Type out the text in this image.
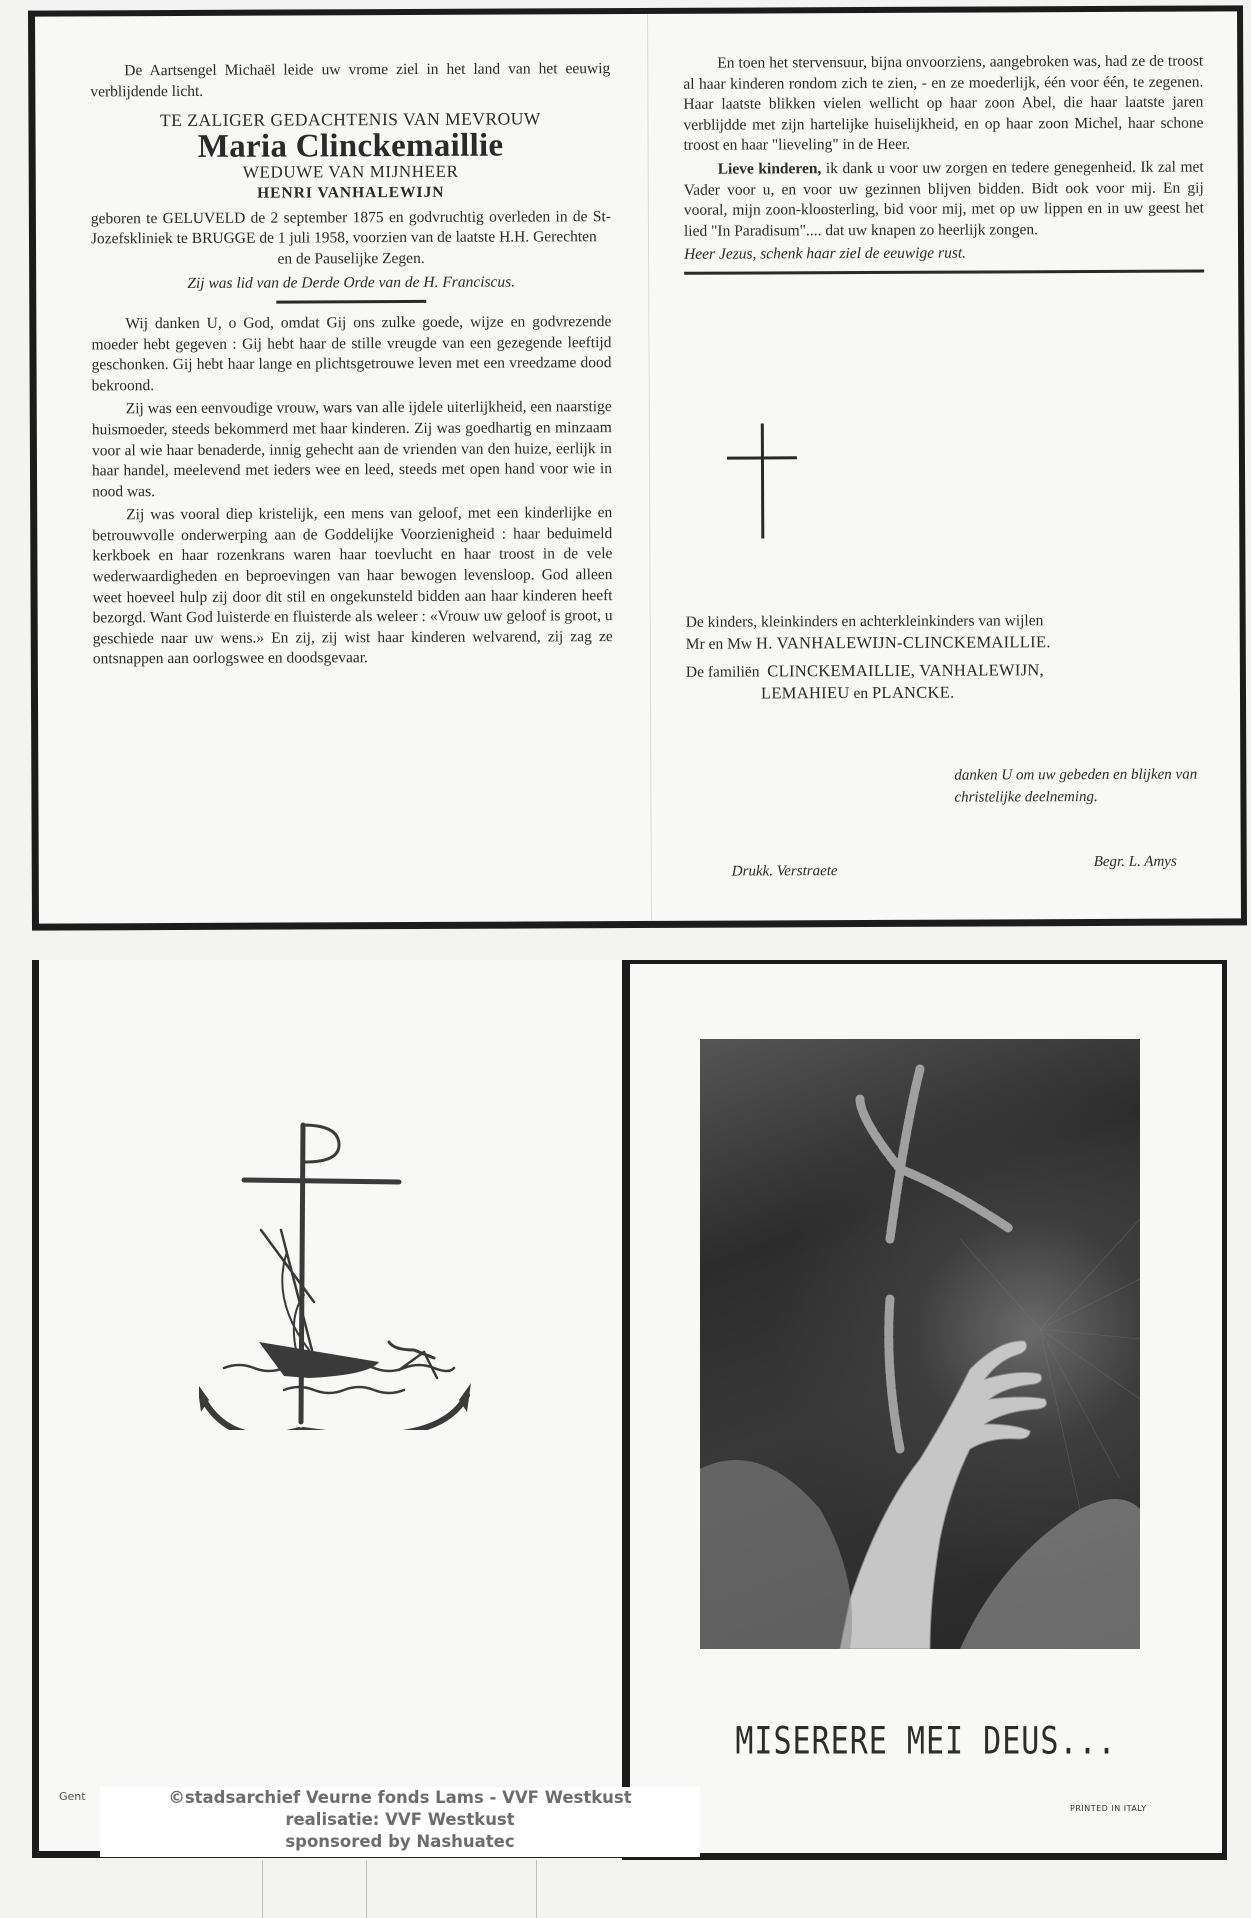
De Aartsengel Michaël leide uw vrome ziel in het land van het eeuwig verblijdende licht.

TE ZALIGER GEDACHTENIS VAN MEVROUW
Maria Clinckemaillie
WEDUWE VAN MIJNHEER
HENRI VANHALEWIJN

geboren te GELUVELD de 2 september 1875 en godvruchtig overleden in de St-Jozefskliniek te BRUGGE de 1 juli 1958, voorzien van de laatste H.H. Gerechten

en de Pauselijke Zegen.
Zij was lid van de Derde Orde van de H. Franciscus.

Wij danken U, o God, omdat Gij ons zulke goede, wijze en godvrezende moeder hebt gegeven : Gij hebt haar de stille vreugde van een gezegende leeftijd geschonken. Gij hebt haar lange en plichtsgetrouwe leven met een vreedzame dood bekroond.

Zij was een eenvoudige vrouw, wars van alle ijdele uiterlijkheid, een naarstige huismoeder, steeds bekommerd met haar kinderen. Zij was goedhartig en minzaam voor al wie haar benaderde, innig gehecht aan de vrienden van den huize, eerlijk in haar handel, meelevend met ieders wee en leed, steeds met open hand voor wie in nood was.

Zij was vooral diep kristelijk, een mens van geloof, met een kinderlijke en betrouwvolle onderwerping aan de Goddelijke Voorzienigheid : haar beduimeld kerkboek en haar rozenkrans waren haar toevlucht en haar troost in de vele wederwaardigheden en beproevingen van haar bewogen levensloop. God alleen weet hoeveel hulp zij door dit stil en ongekunsteld bidden aan haar kinderen heeft bezorgd. Want God luisterde en fluisterde als weleer : «Vrouw uw geloof is groot, u geschiede naar uw wens.» En zij, zij wist haar kinderen welvarend, zij zag ze ontsnappen aan oorlogswee en doodsgevaar.

En toen het stervensuur, bijna onvoorziens, aangebroken was, had ze de troost al haar kinderen rondom zich te zien, - en ze moederlijk, één voor één, te zegenen. Haar laatste blikken vielen wellicht op haar zoon Abel, die haar laatste jaren verblijdde met zijn hartelijke huiselijkheid, en op haar zoon Michel, haar schone troost en haar "lieveling" in de Heer.

Lieve kinderen, ik dank u voor uw zorgen en tedere genegenheid. Ik zal met Vader voor u, en voor uw gezinnen blijven bidden. Bidt ook voor mij. En gij vooral, mijn zoon-kloosterling, bid voor mij, met op uw lippen en in uw geest het lied "In Paradisum".... dat uw knapen zo heerlijk zongen.

Heer Jezus, schenk haar ziel de eeuwige rust.
De kinders, kleinkinders en achterkleinkinders van wijlen
Mr en Mw H. VANHALEWIJN-CLINCKEMAILLIE.
De familiën CLINCKEMAILLIE, VANHALEWIJN,
LEMAHIEU en PLANCKE.
danken U om uw gebeden en blijken van christelijke deelneming.
Drukk. Verstraete
Begr. L. Amys
Gent
MISERERE MEI DEUS...
PRINTED IN ITALY
©stadsarchief Veurne fonds Lams - VVF Westkust
realisatie: VVF Westkust
sponsored by Nashuatec
